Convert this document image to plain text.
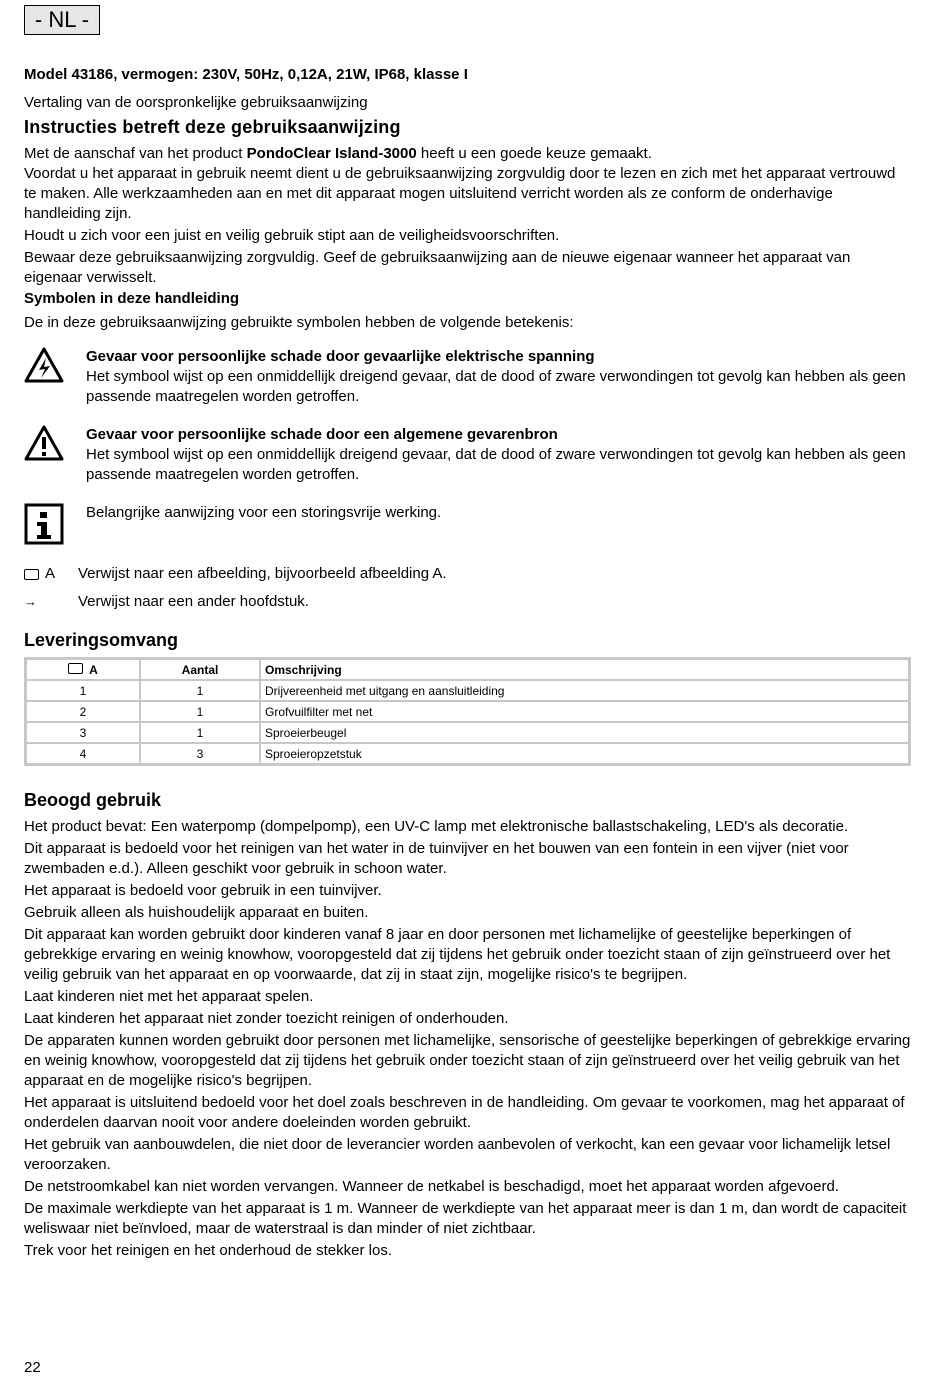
- NL -

Model 43186, vermogen: 230V, 50Hz, 0,12A, 21W, IP68, klasse I

Vertaling van de oorspronkelijke gebruiksaanwijzing

Instructies betreft deze gebruiksaanwijzing

Met de aanschaf van het product PondoClear Island-3000 heeft u een goede keuze gemaakt.

Voordat u het apparaat in gebruik neemt dient u de gebruiksaanwijzing zorgvuldig door te lezen en zich met het apparaat vertrouwd te maken. Alle werkzaamheden aan en met dit apparaat mogen uitsluitend verricht worden als ze conform de onderhavige handleiding zijn.

Houdt u zich voor een juist en veilig gebruik stipt aan de veiligheidsvoorschriften.

Bewaar deze gebruiksaanwijzing zorgvuldig. Geef de gebruiksaanwijzing aan de nieuwe eigenaar wanneer het apparaat van eigenaar verwisselt.

Symbolen in deze handleiding

De in deze gebruiksaanwijzing gebruikte symbolen hebben de volgende betekenis:

Gevaar voor persoonlijke schade door gevaarlijke elektrische spanning

Het symbool wijst op een onmiddellijk dreigend gevaar, dat de dood of zware verwondingen tot gevolg kan hebben als geen passende maatregelen worden getroffen.

Gevaar voor persoonlijke schade door een algemene gevarenbron

Het symbool wijst op een onmiddellijk dreigend gevaar, dat de dood of zware verwondingen tot gevolg kan hebben als geen passende maatregelen worden getroffen.

Belangrijke aanwijzing voor een storingsvrije werking.

A Verwijst naar een afbeelding, bijvoorbeeld afbeelding A.
→	Verwijst naar een ander hoofdstuk.
Leveringsomvang
A	Aantal	Omschrijving
1	1	Drijvereenheid met uitgang en aansluitleiding
2	1	Grofvuilfilter met net
3	1	Sproeierbeugel
4	3	Sproeieropzetstuk
Beoogd gebruik

Het product bevat: Een waterpomp (dompelpomp), een UV-C lamp met elektronische ballastschakeling, LED's als decoratie.

Dit apparaat is bedoeld voor het reinigen van het water in de tuinvijver en het bouwen van een fontein in een vijver (niet voor zwembaden e.d.). Alleen geschikt voor gebruik in schoon water.

Het apparaat is bedoeld voor gebruik in een tuinvijver.

Gebruik alleen als huishoudelijk apparaat en buiten.

Dit apparaat kan worden gebruikt door kinderen vanaf 8 jaar en door personen met lichamelijke of geestelijke beperkingen of gebrekkige ervaring en weinig knowhow, vooropgesteld dat zij tijdens het gebruik onder toezicht staan of zijn geïnstrueerd over het veilig gebruik van het apparaat en op voorwaarde, dat zij in staat zijn, mogelijke risico's te begrijpen.

Laat kinderen niet met het apparaat spelen.

Laat kinderen het apparaat niet zonder toezicht reinigen of onderhouden.

De apparaten kunnen worden gebruikt door personen met lichamelijke, sensorische of geestelijke beperkingen of gebrekkige ervaring en weinig knowhow, vooropgesteld dat zij tijdens het gebruik onder toezicht staan of zijn geïnstrueerd over het veilig gebruik van het apparaat en de mogelijke risico's begrijpen.

Het apparaat is uitsluitend bedoeld voor het doel zoals beschreven in de handleiding. Om gevaar te voorkomen, mag het apparaat of onderdelen daarvan nooit voor andere doeleinden worden gebruikt.

Het gebruik van aanbouwdelen, die niet door de leverancier worden aanbevolen of verkocht, kan een gevaar voor lichamelijk letsel veroorzaken.

De netstroomkabel kan niet worden vervangen. Wanneer de netkabel is beschadigd, moet het apparaat worden afgevoerd.

De maximale werkdiepte van het apparaat is 1 m. Wanneer de werkdiepte van het apparaat meer is dan 1 m, dan wordt de capaciteit weliswaar niet beïnvloed, maar de waterstraal is dan minder of niet zichtbaar.

Trek voor het reinigen en het onderhoud de stekker los.

22
